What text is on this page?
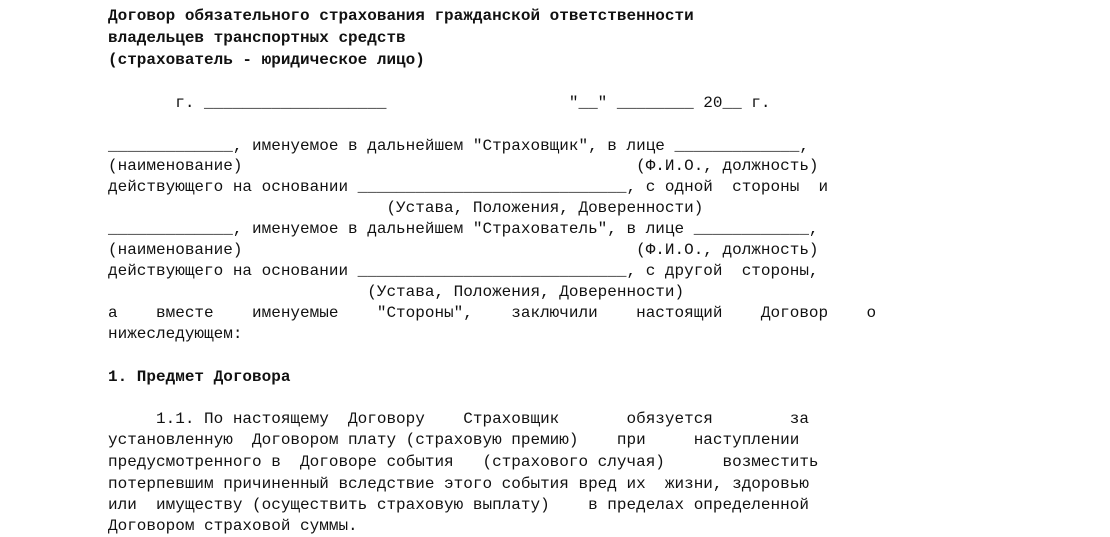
Договор обязательного страхования гражданской ответственности

владельцев транспортных средств

(страхователь - юридическое лицо)

г. ___________________                   "__" ________ 20__ г.

_____________, именуемое в дальнейшем "Страховщик", в лице _____________,

(наименование)                                         (Ф.И.О., должность)

действующего на основании ____________________________, с одной  стороны  и

(Устава, Положения, Доверенности)

_____________, именуемое в дальнейшем "Страхователь", в лице ____________,

(наименование)                                         (Ф.И.О., должность)

действующего на основании ____________________________, с другой  стороны,

(Устава, Положения, Доверенности)

а    вместе    именуемые    "Стороны",    заключили    настоящий    Договор    о

нижеследующем:

1. Предмет Договора

1.1. По настоящему  Договору    Страховщик       обязуется        за

установленную  Договором плату (страховую премию)    при     наступлении

предусмотренного в  Договоре события   (страхового случая)      возместить

потерпевшим причиненный вследствие этого события вред их  жизни, здоровью

или  имуществу (осуществить страховую выплату)    в пределах определенной

Договором страховой суммы.
